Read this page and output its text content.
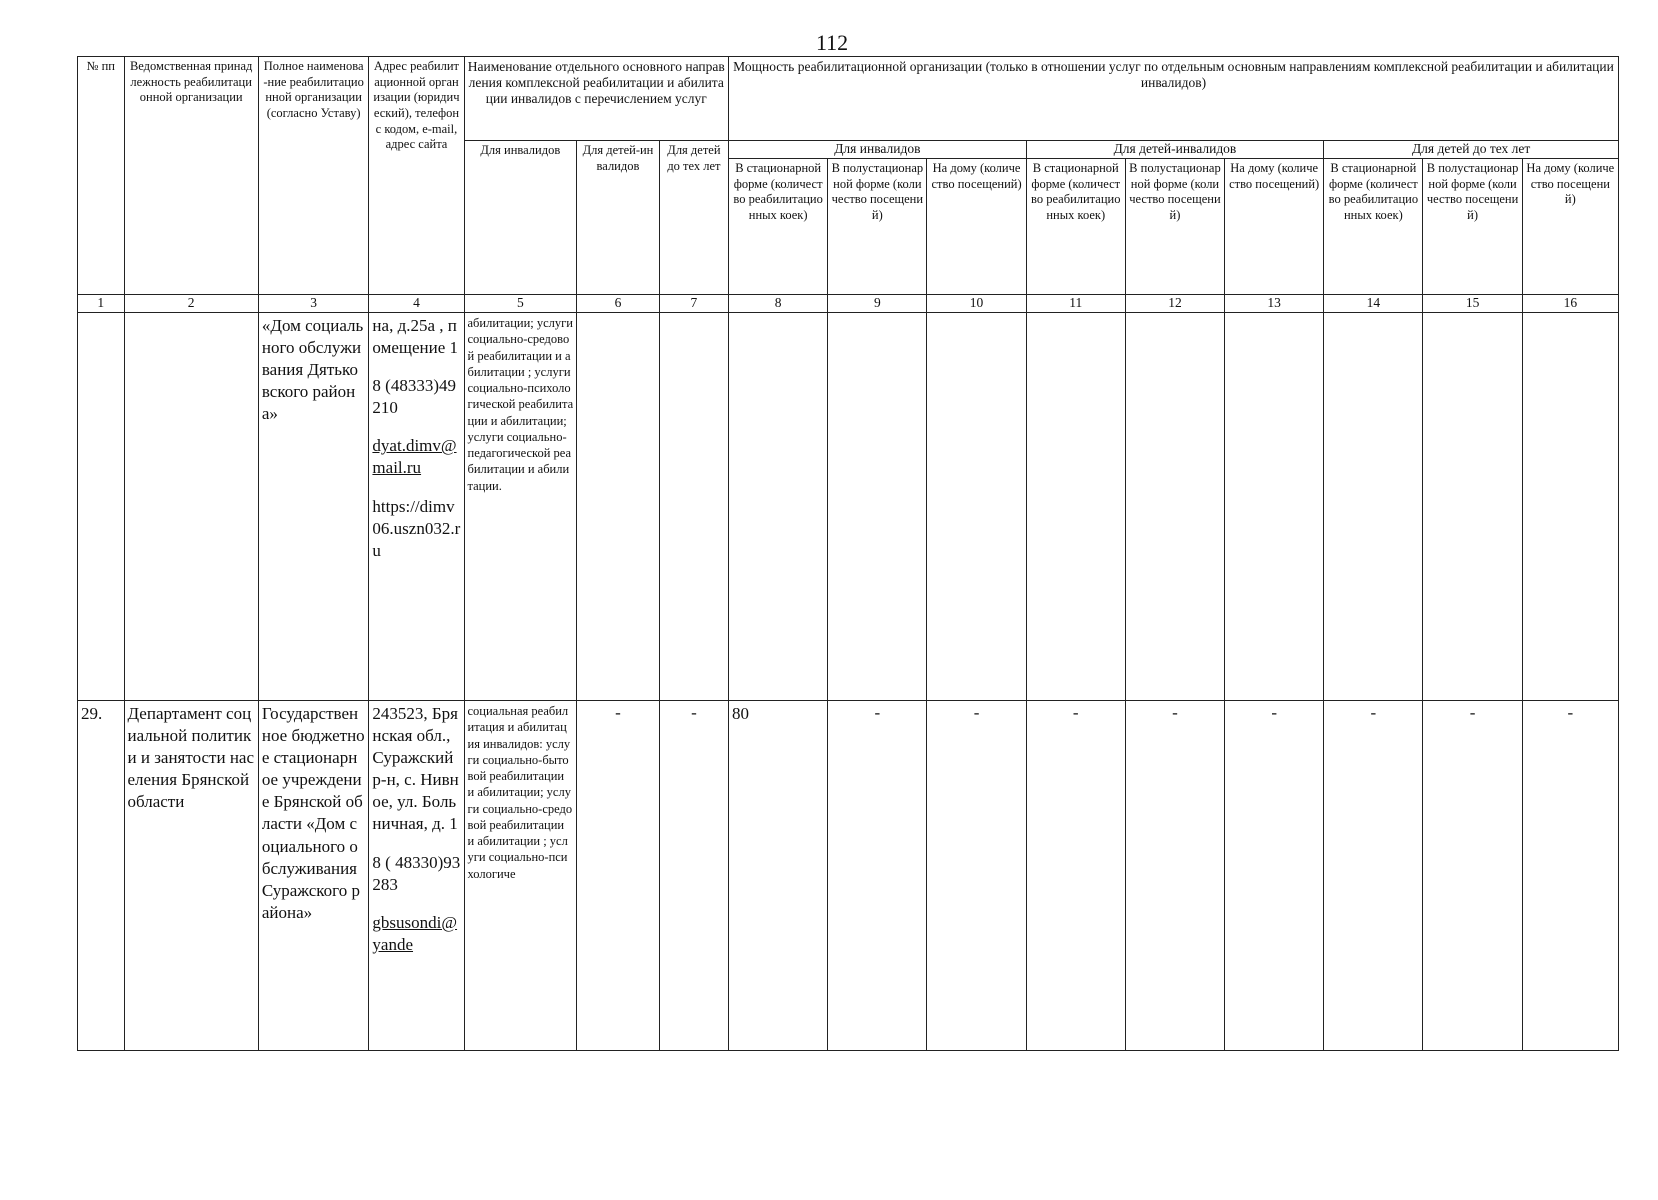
112
№ пп	Ведомственная принадлежность реабилитационной организации	Полное наименова-ние реабилитационной организации (согласно Уставу)	Адрес реабилитационной организации (юридический), телефон с кодом, e-mail, адрес сайта	Наименование отдельного основного направления комплексной реабилитации и абилитации инвалидов с перечислением услуг			Мощность реабилитационной организации (только в отношении услуг по отдельным основным направлениям комплексной реабилитации и абилитации инвалидов)								
				Для инвалидов	Для детей-инвалидов	Для детей до тех лет	Для инвалидов			Для детей-инвалидов			Для детей до тех лет		
							В стационарной форме (количество реабилитационных коек)	В полустационарной форме (количество посещений)	На дому (количество посещений)	В стационарной форме (количество реабилитационных коек)	В полустационарной форме (количество посещений)	На дому (количество посещений)	В стационарной форме (количество реабилитационных коек)	В полустационарной форме (количество посещений)	На дому (количество посещений)
1	2	3	4	5	6	7	8	9	10	11	12	13	14	15	16
		«Дом социального обслуживания Дятьковского района»	на, д.25а , помещение 1
8 (48333)49210
dyat.dimv@mail.ru
https://dimv06.uszn032.ru	абилитации; услуги социально-средовой реабилитации и абилитации ; услуги социально-психологической реабилитации и абилитации; услуги социально-педагогической реабилитации и абилитации.											
29.	Департамент социальной политики и занятости населения Брянской области	Государственное бюджетное стационарное учреждение Брянской области «Дом социального обслуживания Суражского района»	243523, Брянская обл., Суражский р-н, с. Нивное, ул. Больничная, д. 1
8 ( 48330)93283
gbsusondi@yande	социальная реабилитация и абилитация инвалидов: услуги социально-бытовой реабилитации и абилитации; услуги социально-средовой реабилитации и абилитации ; услуги социально-психологиче	-	-	80	-	-	-	-	-	-	-	-
